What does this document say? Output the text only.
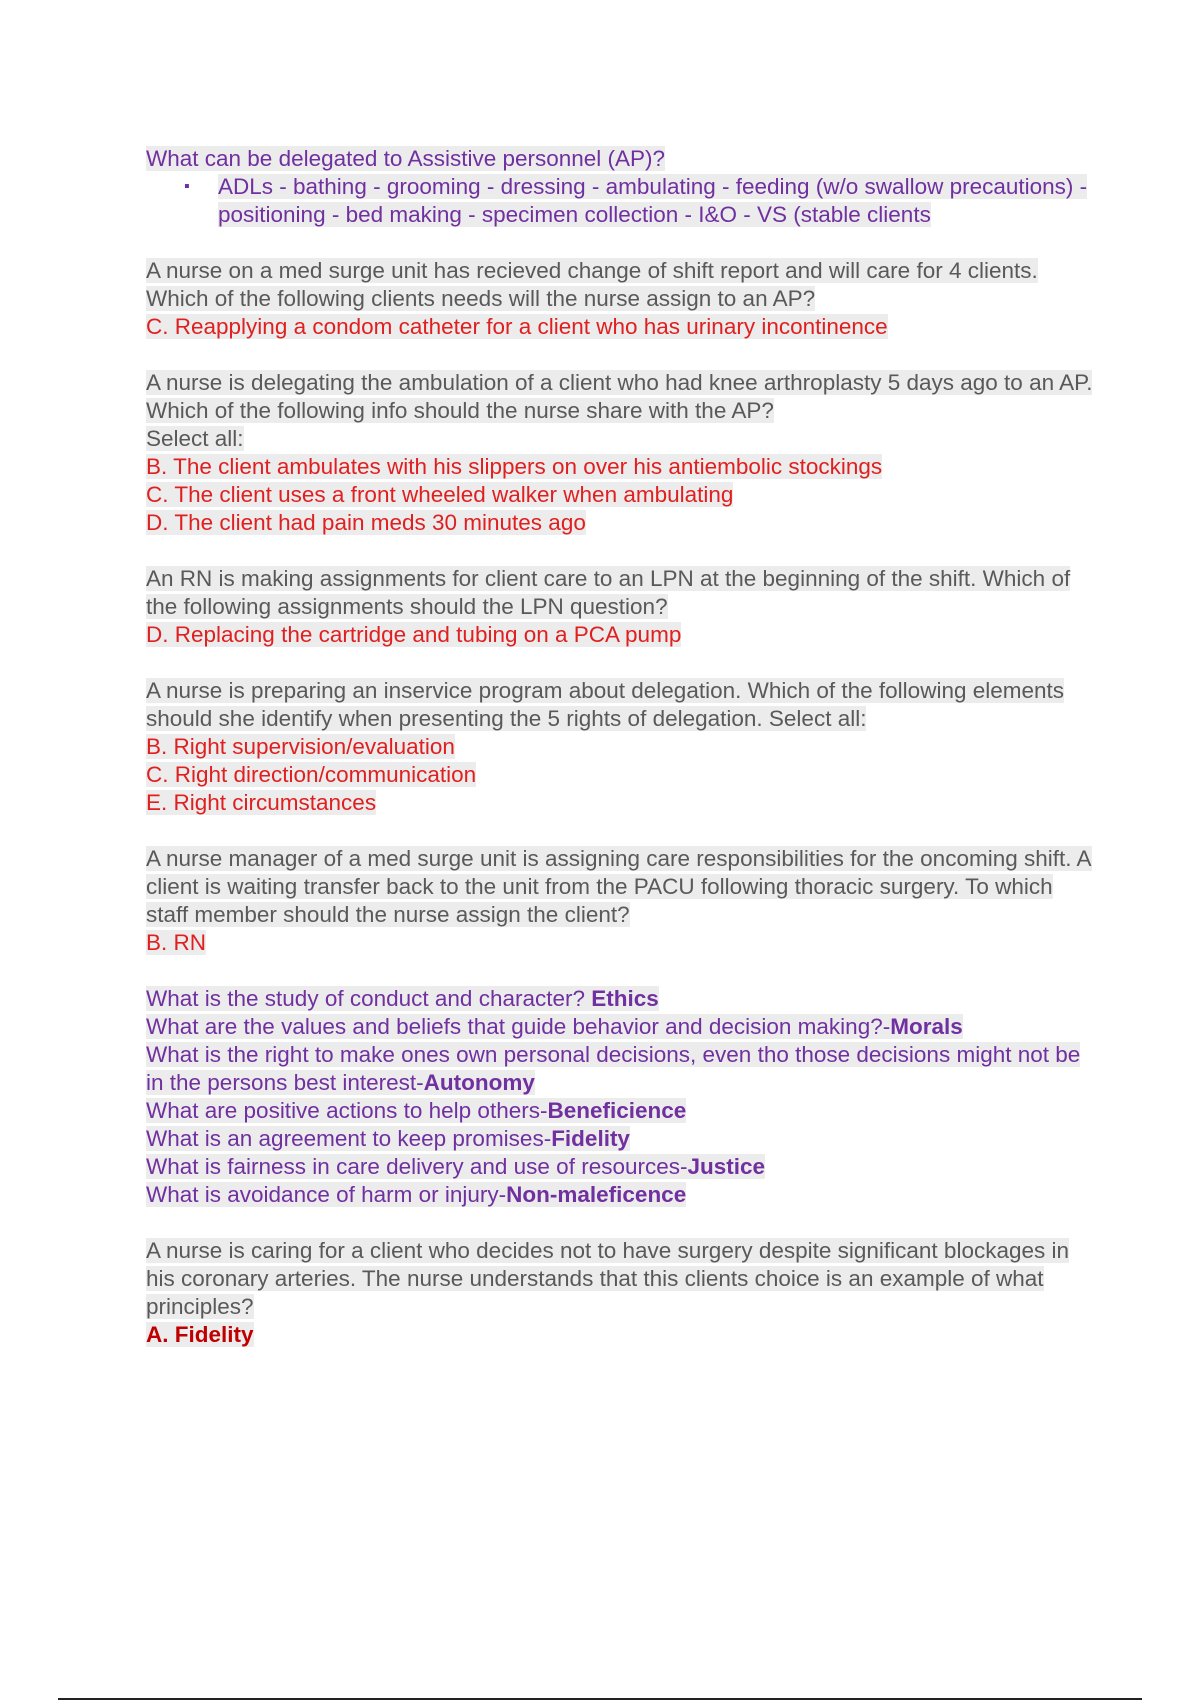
What can be delegated to Assistive personnel (AP)?
▪ ADLs - bathing - grooming - dressing - ambulating - feeding (w/o swallow precautions) - positioning - bed making - specimen collection - I&O - VS (stable clients
A nurse on a med surge unit has recieved change of shift report and will care for 4 clients. Which of the following clients needs will the nurse assign to an AP?
C. Reapplying a condom catheter for a client who has urinary incontinence
A nurse is delegating the ambulation of a client who had knee arthroplasty 5 days ago to an AP. Which of the following info should the nurse share with the AP?
Select all:
B. The client ambulates with his slippers on over his antiembolic stockings
C. The client uses a front wheeled walker when ambulating
D. The client had pain meds 30 minutes ago
An RN is making assignments for client care to an LPN at the beginning of the shift. Which of the following assignments should the LPN question?
D. Replacing the cartridge and tubing on a PCA pump
A nurse is preparing an inservice program about delegation. Which of the following elements should she identify when presenting the 5 rights of delegation. Select all:
B. Right supervision/evaluation
C. Right direction/communication
E. Right circumstances
A nurse manager of a med surge unit is assigning care responsibilities for the oncoming shift. A client is waiting transfer back to the unit from the PACU following thoracic surgery. To which staff member should the nurse assign the client?
B. RN
What is the study of conduct and character? Ethics
What are the values and beliefs that guide behavior and decision making?-Morals
What is the right to make ones own personal decisions, even tho those decisions might not be in the persons best interest-Autonomy
What are positive actions to help others-Beneficience
What is an agreement to keep promises-Fidelity
What is fairness in care delivery and use of resources-Justice
What is avoidance of harm or injury-Non-maleficence
A nurse is caring for a client who decides not to have surgery despite significant blockages in his coronary arteries. The nurse understands that this clients choice is an example of what principles?
A. Fidelity
